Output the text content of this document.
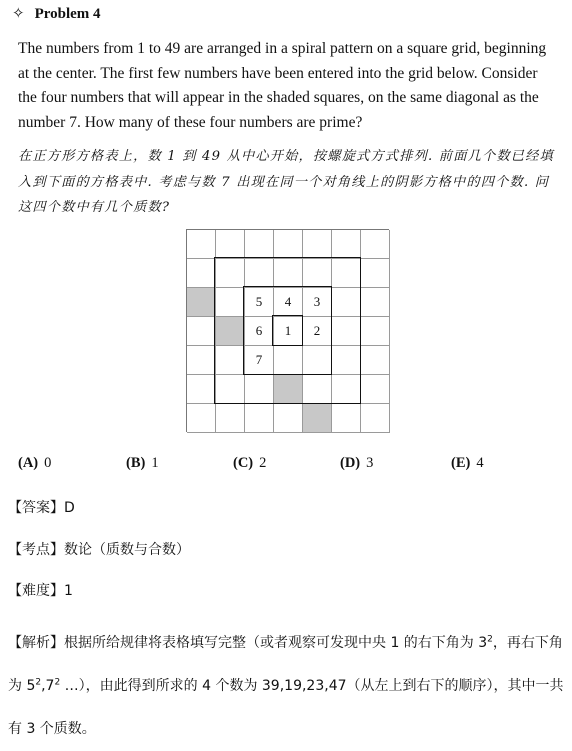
✧ Problem 4
The numbers from 1 to 49 are arranged in a spiral pattern on a square grid, beginning at the center. The first few numbers have been entered into the grid below. Consider the four numbers that will appear in the shaded squares, on the same diagonal as the number 7. How many of these four numbers are prime?
在正方形方格表上，数 1 到 49 从中心开始，按螺旋式方式排列. 前面几个数已经填入到下面的方格表中. 考虑与数 7 出现在同一个对角线上的阴影方格中的四个数. 问这四个数中有几个质数?
5	4	3
6	1	2
7
(A) 0	(B) 1	(C) 2	(D) 3	(E) 4
【答案】D
【考点】数论（质数与合数）
【难度】1
【解析】根据所给规律将表格填写完整（或者观察可发现中央 1 的右下角为 $3^2$，再右下角为 $5^2,7^2$ …），由此得到所求的 4 个数为 39,19,23,47（从左上到右下的顺序），其中一共有 3 个质数。
